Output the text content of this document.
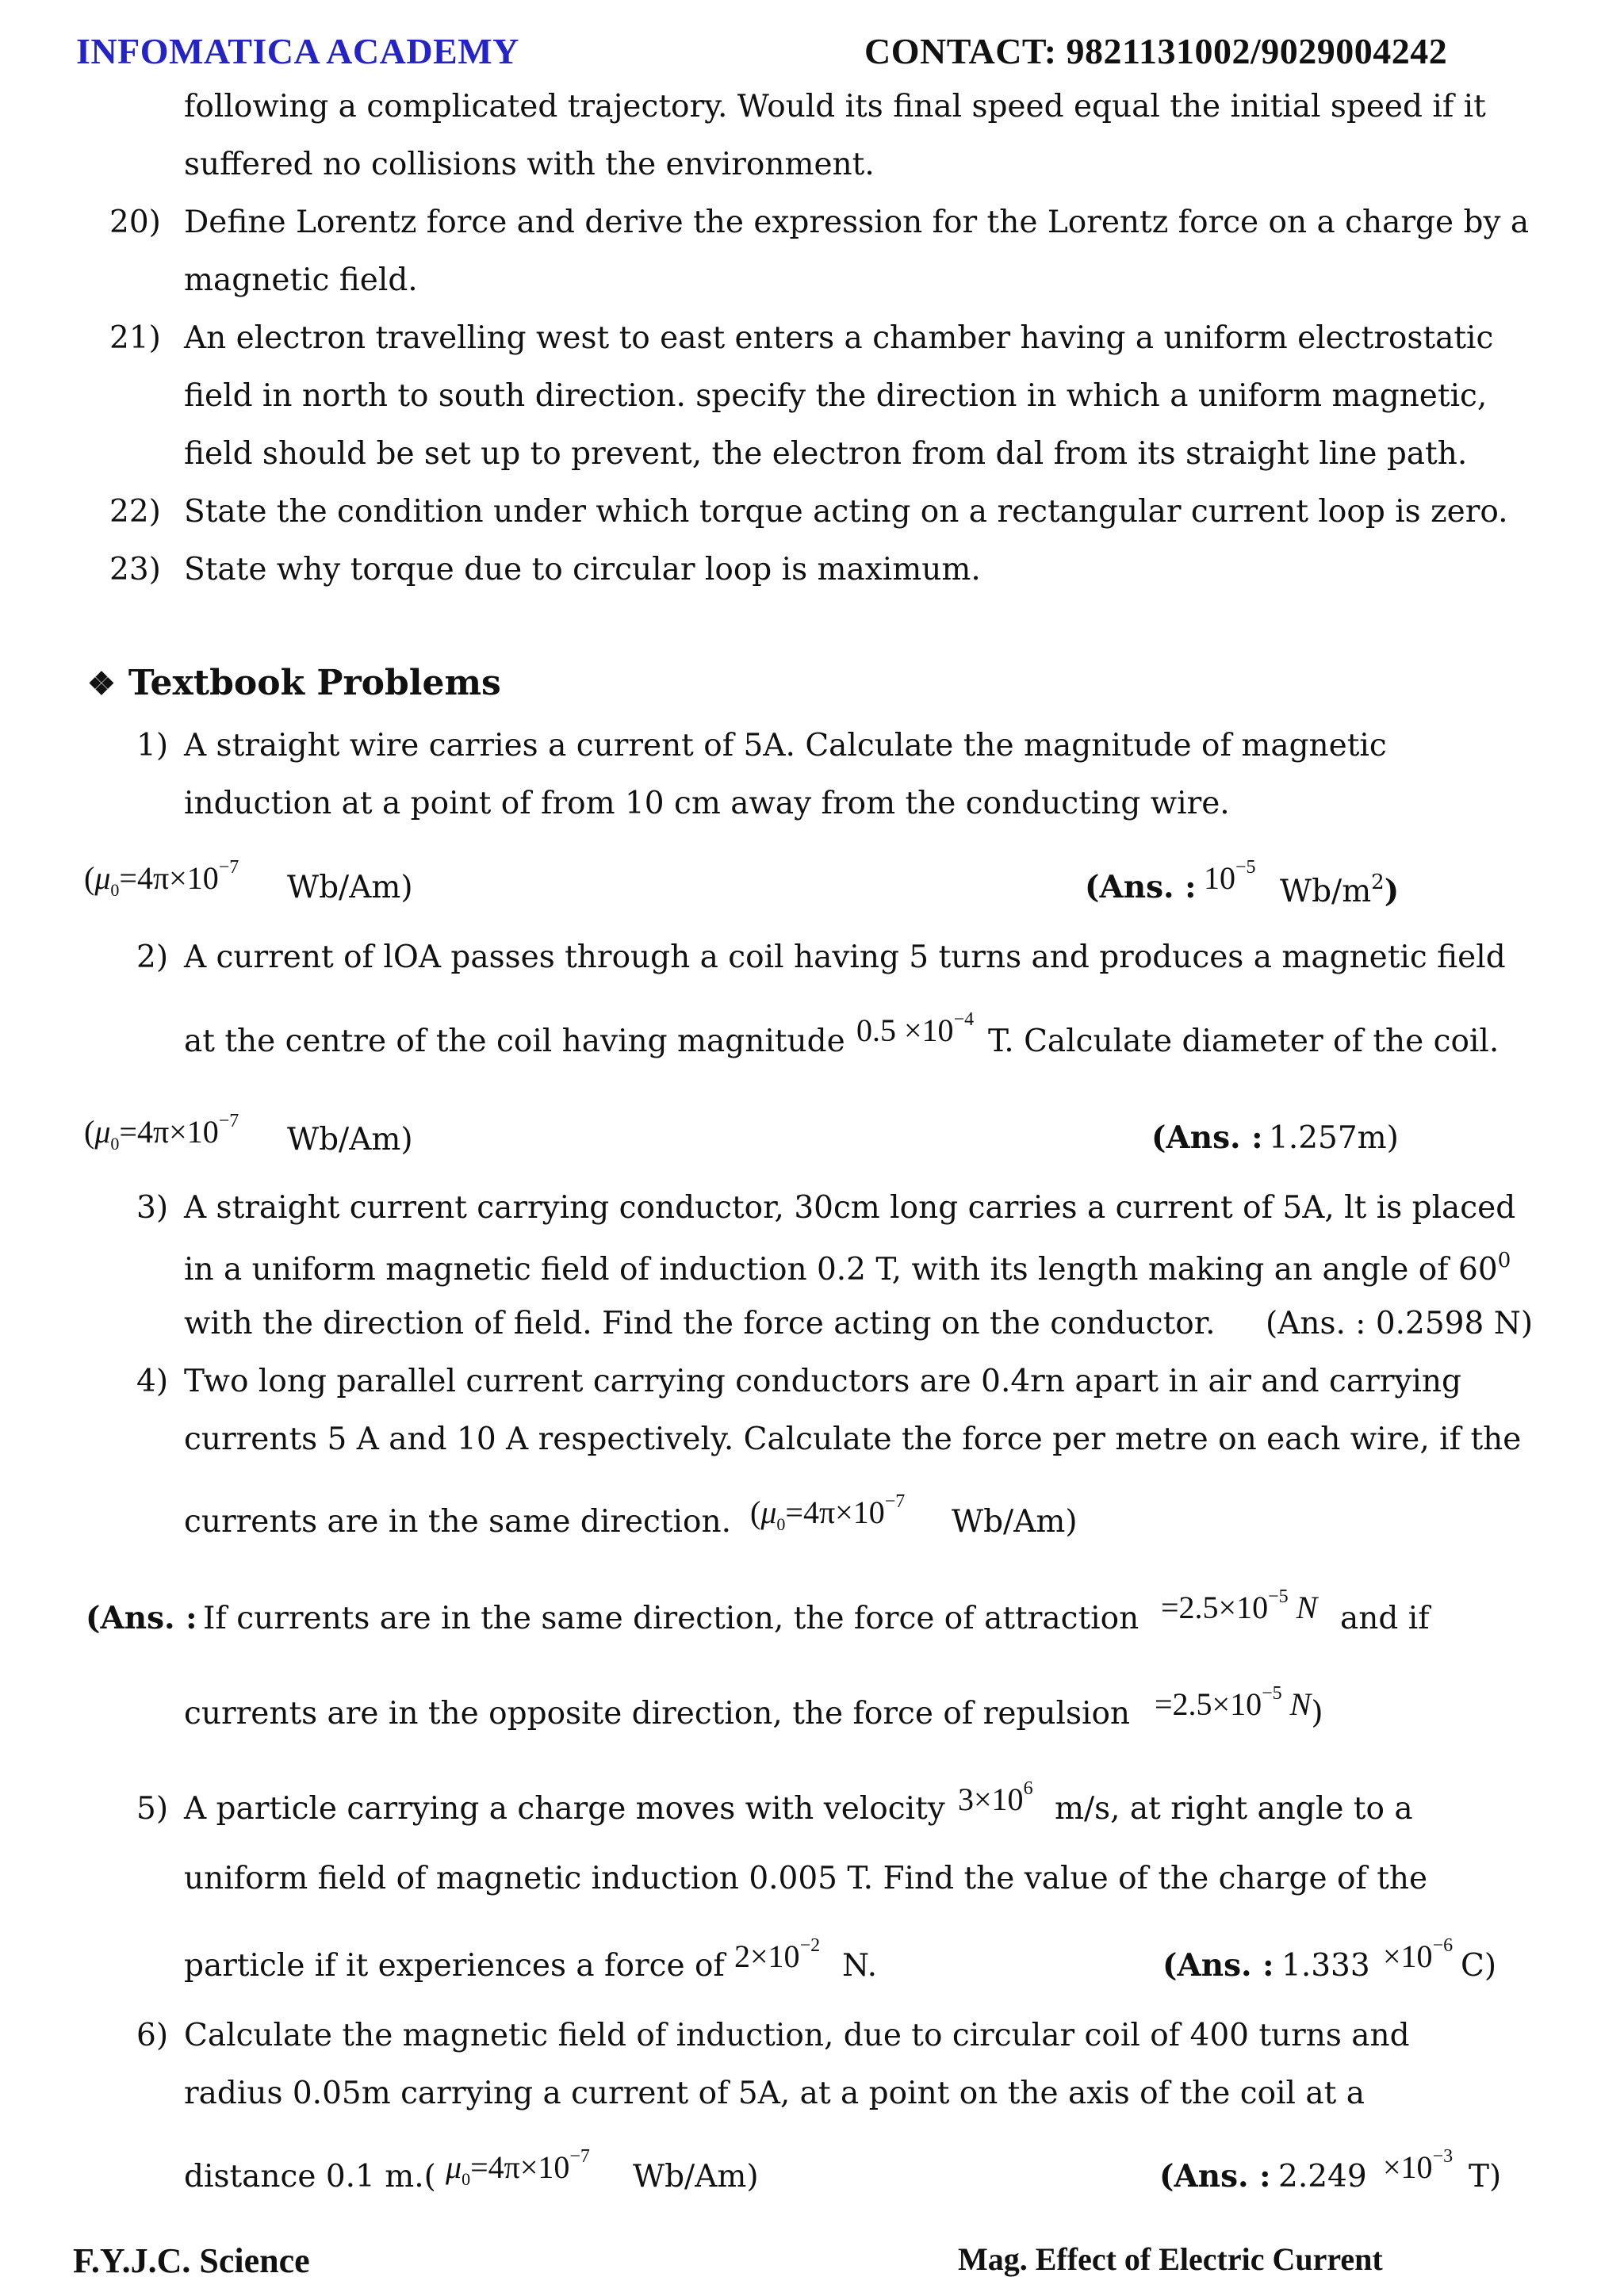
INFOMATICA ACADEMY	CONTACT: 9821131002/9029004242
following a complicated trajectory. Would its final speed equal the initial speed if it
suffered no collisions with the environment.
20) Define Lorentz force and derive the expression for the Lorentz force on a charge by a
magnetic field.
21) An electron travelling west to east enters a chamber having a uniform electrostatic
field in north to south direction. specify the direction in which a uniform magnetic,
field should be set up to prevent, the electron from dal from its straight line path.
22) State the condition under which torque acting on a rectangular current loop is zero.
23) State why torque due to circular loop is maximum.
❖ Textbook Problems
1) A straight wire carries a current of 5A. Calculate the magnitude of magnetic
induction at a point of from 10 cm away from the conducting wire.
($\mu_0=4\pi\times 10^{-7}$
Wb/Am)	(Ans. : $10^{-5}$
$Wb/m^2$)
2) A current of lOA passes through a coil having 5 turns and produces a magnetic field
at the centre of the coil having magnitude $0.5 \times 10^{-4}$
T. Calculate diameter of the coil.
($\mu_0=4\pi\times 10^{-7}$
Wb/Am)	(Ans. : 1.257m)
3) A straight current carrying conductor, 30cm long carries a current of 5A, lt is placed
in a uniform magnetic field of induction 0.2 T, with its length making an angle of $60^0$
with the direction of field. Find the force acting on the conductor. (Ans. : 0.2598 N)
4) Two long parallel current carrying conductors are 0.4rn apart in air and carrying
currents 5 A and 10 A respectively. Calculate the force per metre on each wire, if the
currents are in the same direction. ($\mu_0=4\pi\times 10^{-7}$
Wb/Am)
(Ans. : If currents are in the same direction, the force of attraction $=2.5\times 10^{-5}$ N and if
currents are in the opposite direction, the force of repulsion $=2.5\times 10^{-5}$ N)
5) A particle carrying a charge moves with velocity $3\times 10^6$
m/s, at right angle to a
uniform field of magnetic induction 0.005 T. Find the value of the charge of the
particle if it experiences a force of $2\times 10^{-2}$
N.	(Ans. : $1.333 \times 10^{-6}$
C)
6) Calculate the magnetic field of induction, due to circular coil of 400 turns and
radius 0.05m carrying a current of 5A, at a point on the axis of the coil at a
distance 0.1 m.( $\mu_0=4\pi\times 10^{-7}$
Wb/Am)	(Ans. : $2.249 \times 10^{-3}$
T)
F.Y.J.C. Science	Mag. Effect of Electric Current
